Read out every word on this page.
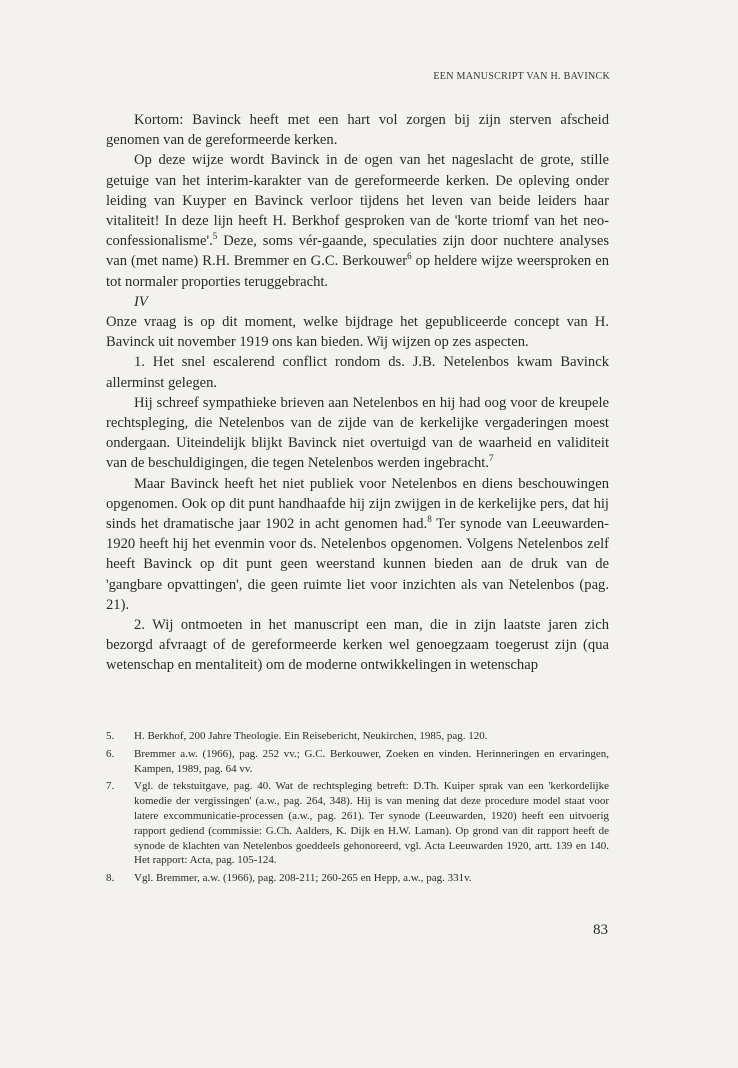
EEN MANUSCRIPT VAN H. BAVINCK

Kortom: Bavinck heeft met een hart vol zorgen bij zijn sterven afscheid genomen van de gereformeerde kerken.

Op deze wijze wordt Bavinck in de ogen van het nageslacht de grote, stille getuige van het interim-karakter van de gereformeerde kerken. De opleving onder leiding van Kuyper en Bavinck verloor tijdens het leven van beide leiders haar vitaliteit! In deze lijn heeft H. Berkhof gesproken van de 'korte triomf van het neo-confessionalisme'.$^5$ Deze, soms vér-gaande, speculaties zijn door nuchtere analyses van (met name) R.H. Bremmer en G.C. Berkouwer$^6$ op heldere wijze weersproken en tot normaler proporties teruggebracht.

IV

Onze vraag is op dit moment, welke bijdrage het gepubliceerde concept van H. Bavinck uit november 1919 ons kan bieden. Wij wijzen op zes aspecten.

1. Het snel escalerend conflict rondom ds. J.B. Netelenbos kwam Bavinck allerminst gelegen.

Hij schreef sympathieke brieven aan Netelenbos en hij had oog voor de kreupele rechtspleging, die Netelenbos van de zijde van de kerkelijke vergaderingen moest ondergaan. Uiteindelijk blijkt Bavinck niet overtuigd van de waarheid en validiteit van de beschuldigingen, die tegen Netelenbos werden ingebracht.$^7$

Maar Bavinck heeft het niet publiek voor Netelenbos en diens beschouwingen opgenomen. Ook op dit punt handhaafde hij zijn zwijgen in de kerkelijke pers, dat hij sinds het dramatische jaar 1902 in acht genomen had.$^8$ Ter synode van Leeuwarden-1920 heeft hij het evenmin voor ds. Netelenbos opgenomen. Volgens Netelenbos zelf heeft Bavinck op dit punt geen weerstand kunnen bieden aan de druk van de 'gangbare opvattingen', die geen ruimte liet voor inzichten als van Netelenbos (pag. 21).

2. Wij ontmoeten in het manuscript een man, die in zijn laatste jaren zich bezorgd afvraagt of de gereformeerde kerken wel genoegzaam toegerust zijn (qua wetenschap en mentaliteit) om de moderne ontwikkelingen in wetenschap

5.	H. Berkhof, 200 Jahre Theologie. Ein Reisebericht, Neukirchen, 1985, pag. 120.
6.	Bremmer a.w. (1966), pag. 252 vv.; G.C. Berkouwer, Zoeken en vinden. Herinneringen en ervaringen, Kampen, 1989, pag. 64 vv.
7.	Vgl. de tekstuitgave, pag. 40. Wat de rechtspleging betreft: D.Th. Kuiper sprak van een 'kerkordelijke komedie der vergissingen' (a.w., pag. 264, 348). Hij is van mening dat deze procedure model staat voor latere excommunicatie-processen (a.w., pag. 261). Ter synode (Leeuwarden, 1920) heeft een uitvoerig rapport gediend (commissie: G.Ch. Aalders, K. Dijk en H.W. Laman). Op grond van dit rapport heeft de synode de klachten van Netelenbos goeddeels gehonoreerd, vgl. Acta Leeuwarden 1920, artt. 139 en 140. Het rapport: Acta, pag. 105-124.
8.	Vgl. Bremmer, a.w. (1966), pag. 208-211; 260-265 en Hepp, a.w., pag. 331v.
83
